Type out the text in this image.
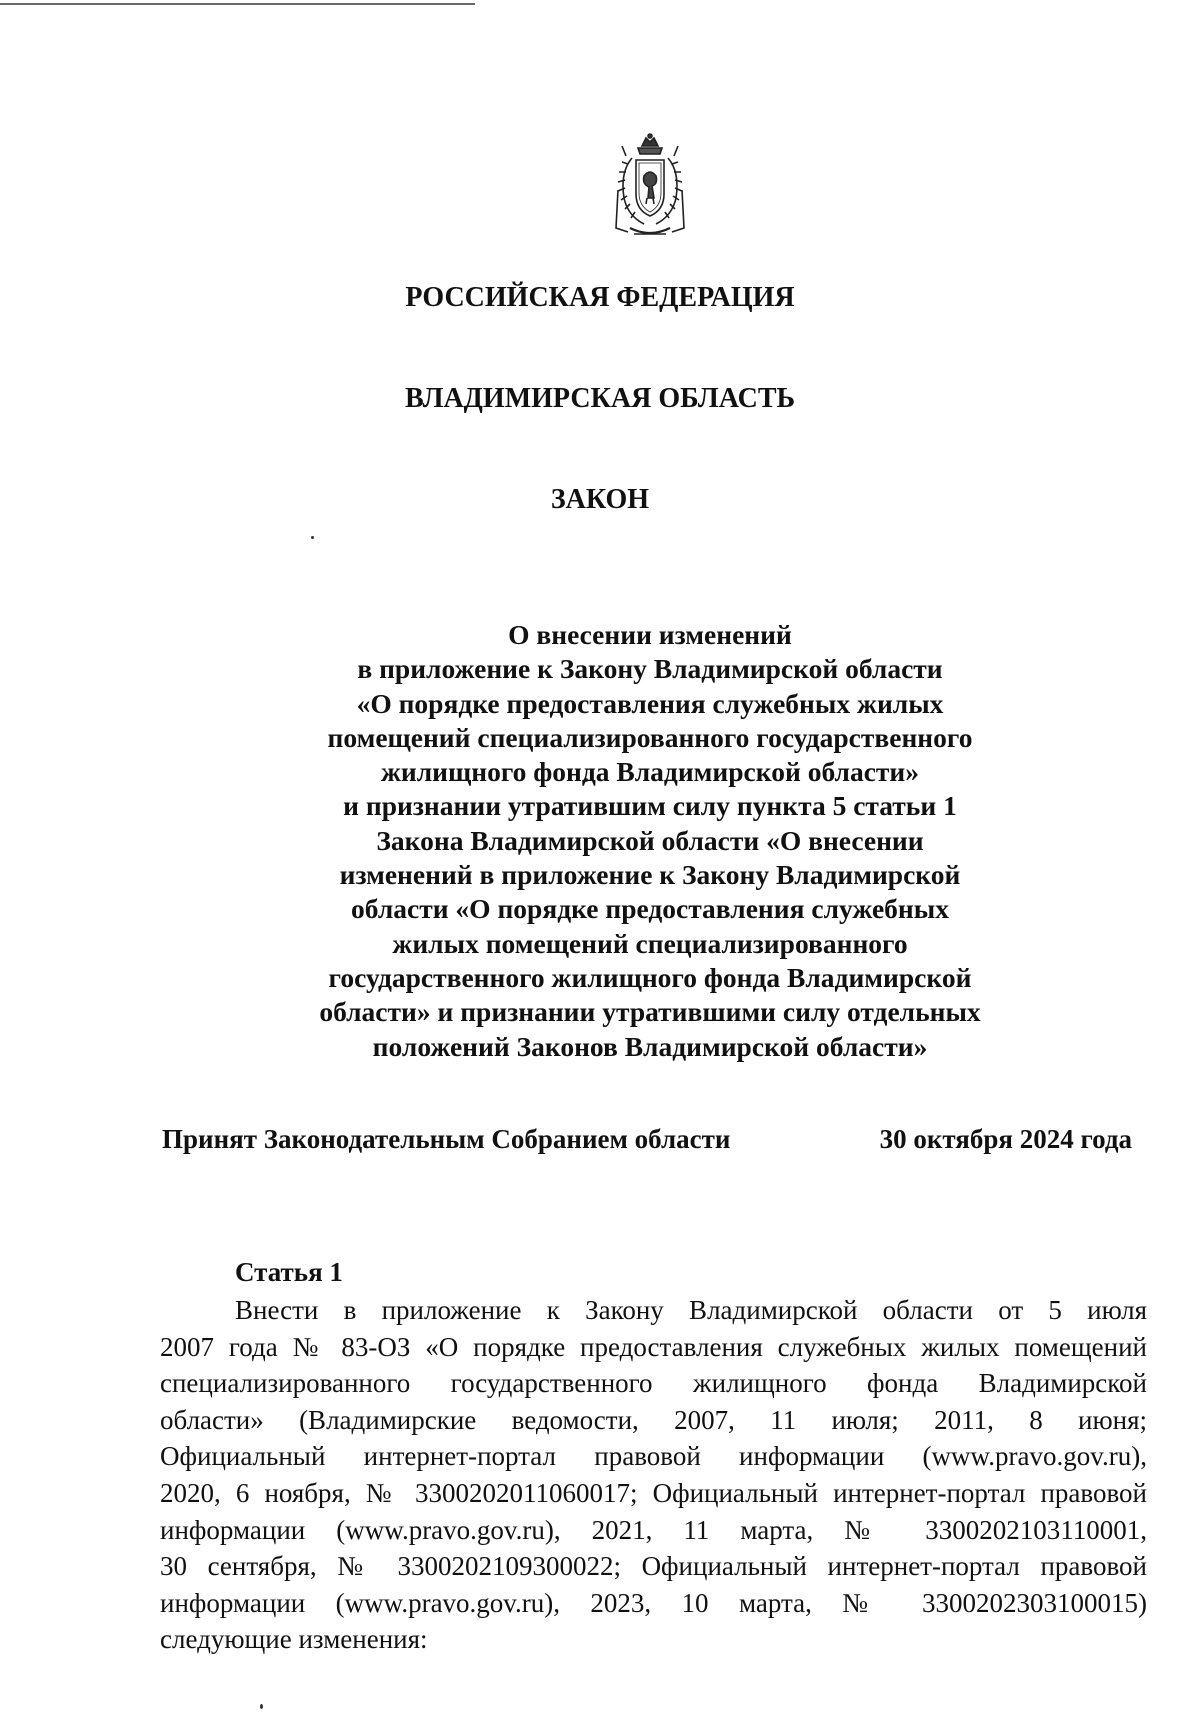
РОССИЙСКАЯ ФЕДЕРАЦИЯ

ВЛАДИМИРСКАЯ ОБЛАСТЬ

ЗАКОН

О внесении изменений
в приложение к Закону Владимирской области
«О порядке предоставления служебных жилых
помещений специализированного государственного
жилищного фонда Владимирской области»
и признании утратившим силу пункта 5 статьи 1
Закона Владимирской области «О внесении
изменений в приложение к Закону Владимирской
области «О порядке предоставления служебных
жилых помещений специализированного
государственного жилищного фонда Владимирской
области» и признании утратившими силу отдельных
положений Законов Владимирской области»
Принят Законодательным Собранием области	30 октября 2024 года
Статья 1
Внести в приложение к Закону Владимирской области от 5 июля
2007 года № 83-ОЗ «О порядке предоставления служебных жилых помещений
специализированного государственного жилищного фонда Владимирской
области» (Владимирские ведомости, 2007, 11 июля; 2011, 8 июня;
Официальный интернет-портал правовой информации (www.pravo.gov.ru),
2020, 6 ноября, № 3300202011060017; Официальный интернет-портал правовой
информации (www.pravo.gov.ru), 2021, 11 марта, № 3300202103110001,
30 сентября, № 3300202109300022; Официальный интернет-портал правовой
информации (www.pravo.gov.ru), 2023, 10 марта, № 3300202303100015)
следующие изменения:
